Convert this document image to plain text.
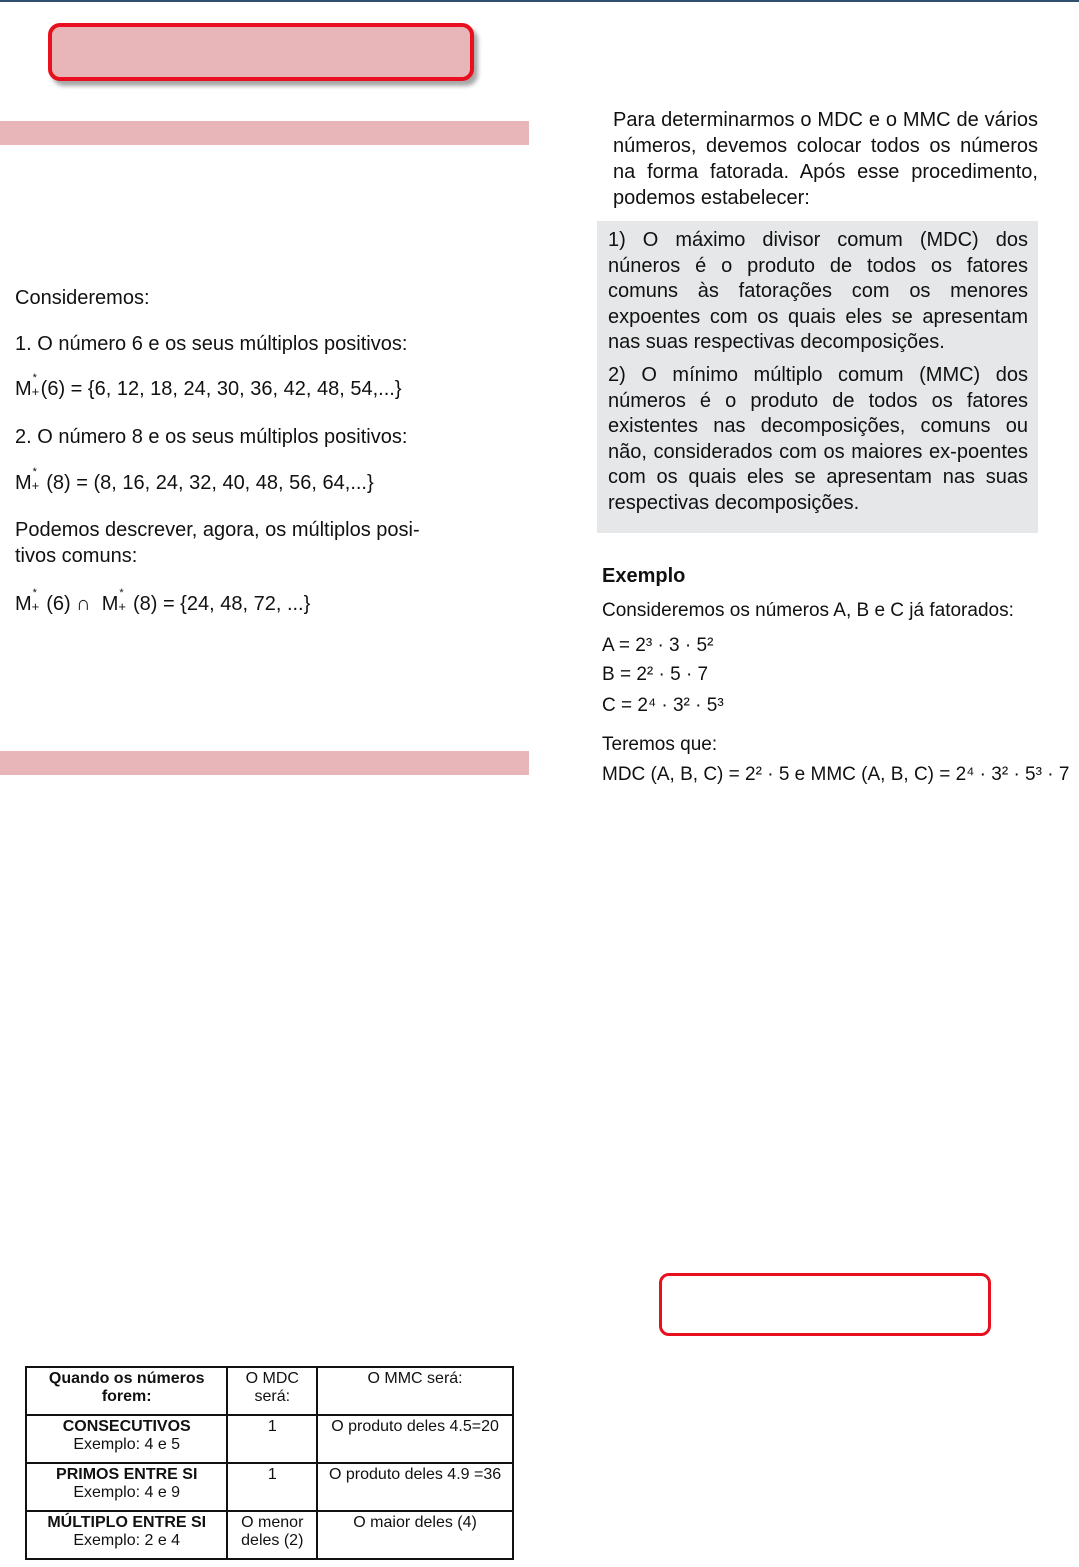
Consideremos:
1. O número 6 e os seus múltiplos positivos:
M *
+ (6) = {6, 12, 18, 24, 30, 36, 42, 48, 54,...}
2. O número 8 e os seus múltiplos positivos:
M *
+ (8) = (8, 16, 24, 32, 40, 48, 56, 64,...}
Podemos descrever, agora, os múltiplos posi-
tivos comuns:
M *
+ (6) ∩  M *
+ (8) = {24, 48, 72, ...}
Para determinarmos o MDC e o MMC de vários números, devemos colocar todos os números na forma fatorada. Após esse procedimento, podemos estabelecer:

1) O máximo divisor comum (MDC) dos núneros é o produto de todos os fatores comuns às fatorações com os menores expoentes com os quais eles se apresentam nas suas respectivas decomposições.

2) O mínimo múltiplo comum (MMC) dos números é o produto de todos os fatores existentes nas decomposições, comuns ou não, considerados com os maiores ex-poentes com os quais eles se apresentam nas suas respectivas decomposições.

Exemplo
Consideremos os números A, B e C já fatorados:
A = 2³ · 3 · 5²
B = 2² · 5 · 7
C = 2⁴ · 3² · 5³
Teremos que:
MDC (A, B, C) = 2² · 5 e MMC (A, B, C) = 2⁴ · 3² · 5³ · 7
Quando os números forem:	O MDC será:	O MMC será:

CONSECUTIVOS
Exemplo: 4 e 5	1	O produto deles 4.5=20

PRIMOS ENTRE SI
Exemplo: 4 e 9	1	O produto deles 4.9 =36

MÚLTIPLO ENTRE SI
Exemplo: 2 e 4	O menor deles (2)	O maior deles (4)
